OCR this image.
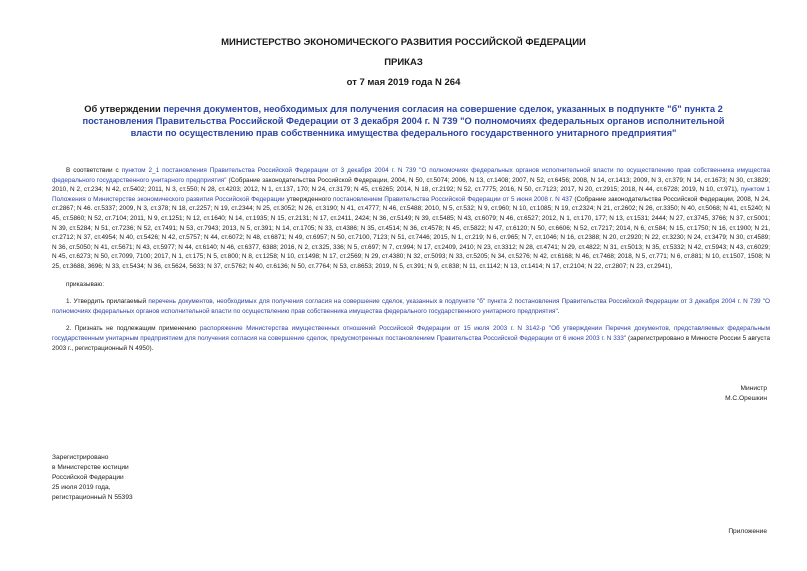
МИНИСТЕРСТВО ЭКОНОМИЧЕСКОГО РАЗВИТИЯ РОССИЙСКОЙ ФЕДЕРАЦИИ
ПРИКАЗ
от 7 мая 2019 года N 264
Об утверждении перечня документов, необходимых для получения согласия на совершение сделок, указанных в подпункте "б" пункта 2 постановления Правительства Российской Федерации от 3 декабря 2004 г. N 739 "О полномочиях федеральных органов исполнительной власти по осуществлению прав собственника имущества федерального государственного унитарного предприятия"

В соответствии с пунктом 2_1 постановления Правительства Российской Федерации от 3 декабря 2004 г. N 739 "О полномочиях федеральных органов исполнительной власти по осуществлению прав собственника имущества федерального государственного унитарного предприятия" (Собрание законодательства Российской Федерации, 2004, N 50, ст.5074; 2006, N 13, ст.1408; 2007, N 52, ст.6456; 2008, N 14, ст.1413; 2009, N 3, ст.379; N 14, ст.1673; N 30, ст.3829; 2010, N 2, ст.234; N 42, ст.5402; 2011, N 3, ст.550; N 28, ст.4203; 2012, N 1, ст.137, 170; N 24, ст.3179; N 45, ст.6265; 2014, N 18, ст.2192; N 52, ст.7775; 2016, N 50, ст.7123; 2017, N 20, ст.2915; 2018, N 44, ст.6728; 2019, N 10, ст.971), пунктом 1 Положения о Министерстве экономического развития Российской Федерации утвержденного постановлением Правительства Российской Федерации от 5 июня 2008 г. N 437 (Собрание законодательства Российской Федерации, 2008, N 24, ст.2867; N 46. ст.5337; 2009, N 3, ст.378; N 18, ст.2257; N 19, ст.2344; N 25, ст.3052; N 26, ст.3190; N 41, ст.4777; N 46, ст.5488; 2010, N 5, ст.532; N 9, ст.960; N 10, ст.1085; N 19, ст.2324; N 21, ст.2602; N 26, ст.3350; N 40, ст.5068; N 41, ст.5240; N 45, ст.5860; N 52, ст.7104; 2011, N 9, ст.1251; N 12, ст.1640; N 14, ст.1935; N 15, ст.2131; N 17, ст.2411, 2424; N 36, ст.5149; N 39, ст.5485; N 43, ст.6079; N 46, ст.6527; 2012, N 1, ст.170, 177; N 13, ст.1531; 2444; N 27, ст.3745, 3766; N 37, ст.5001; N 39, ст.5284; N 51, ст.7236; N 52, ст.7491; N 53, ст.7943; 2013, N 5, ст.391; N 14, ст.1705; N 33, ст.4386; N 35, ст.4514; N 36, ст.4578; N 45, ст.5822; N 47, ст.6120; N 50, ст.6606; N 52, ст.7217; 2014, N 6, ст.584; N 15, ст.1750; N 16, ст.1900; N 21, ст.2712; N 37, ст.4954; N 40, ст.5426; N 42, ст.5757; N 44, ст.6072; N 48, ст.6871; N 49, ст.6957; N 50, ст.7100, 7123; N 51, ст.7446; 2015, N 1, ст.219; N 6, ст.965; N 7, ст.1046; N 16, ст.2388; N 20, ст.2920; N 22, ст.3230; N 24, ст.3479; N 30, ст.4589; N 36, ст.5050; N 41, ст.5671; N 43, ст.5977; N 44, ст.6140; N 46, ст.6377, 6388; 2016, N 2, ст.325, 336; N 5, ст.697; N 7, ст.994; N 17, ст.2409, 2410; N 23, ст.3312; N 28, ст.4741; N 29, ст.4822; N 31, ст.5013; N 35, ст.5332; N 42, ст.5943; N 43, ст.6029; N 45, ст.6273; N 50, ст.7099, 7100; 2017, N 1, ст.175; N 5, ст.800; N 8, ст.1258; N 10, ст.1498; N 17, ст.2569; N 29, ст.4380; N 32, ст.5093; N 33, ст.5205; N 34, ст.5276; N 42, ст.6168; N 46, ст.7468; 2018, N 5, ст.771; N 6, ст.881; N 10, ст.1507, 1508; N 25, ст.3688, 3696; N 33, ст.5434; N 36, ст.5624, 5633; N 37, ст.5762; N 40, ст.6136; N 50, ст.7764; N 53, ст.8653; 2019, N 5, ст.391; N 9, ст.838; N 11, ст.1142; N 13, ст.1414; N 17, ст.2104; N 22, ст.2807; N 23, ст.2941),

приказываю:

1. Утвердить прилагаемый перечень документов, необходимых для получения согласия на совершение сделок, указанных в подпункте "б" пункта 2 постановления Правительства Российской Федерации от 3 декабря 2004 г. N 739 "О полномочиях федеральных органов исполнительной власти по осуществлению прав собственника имущества федерального государственного унитарного предприятия".

2. Признать не подлежащим применению распоряжение Министерства имущественных отношений Российской Федерации от 15 июля 2003 г. N 3142-р "Об утверждении Перечня документов, представляемых федеральным государственным унитарным предприятием для получения согласия на совершение сделок, предусмотренных постановлением Правительства Российской Федерации от 6 июня 2003 г. N 333" (зарегистрировано в Минюсте России 5 августа 2003 г., регистрационный N 4950).

Министр
М.С.Орешкин
Зарегистрировано
в Министерстве юстиции
Российской Федерации
25 июля 2019 года,
регистрационный N 55393
Приложение
